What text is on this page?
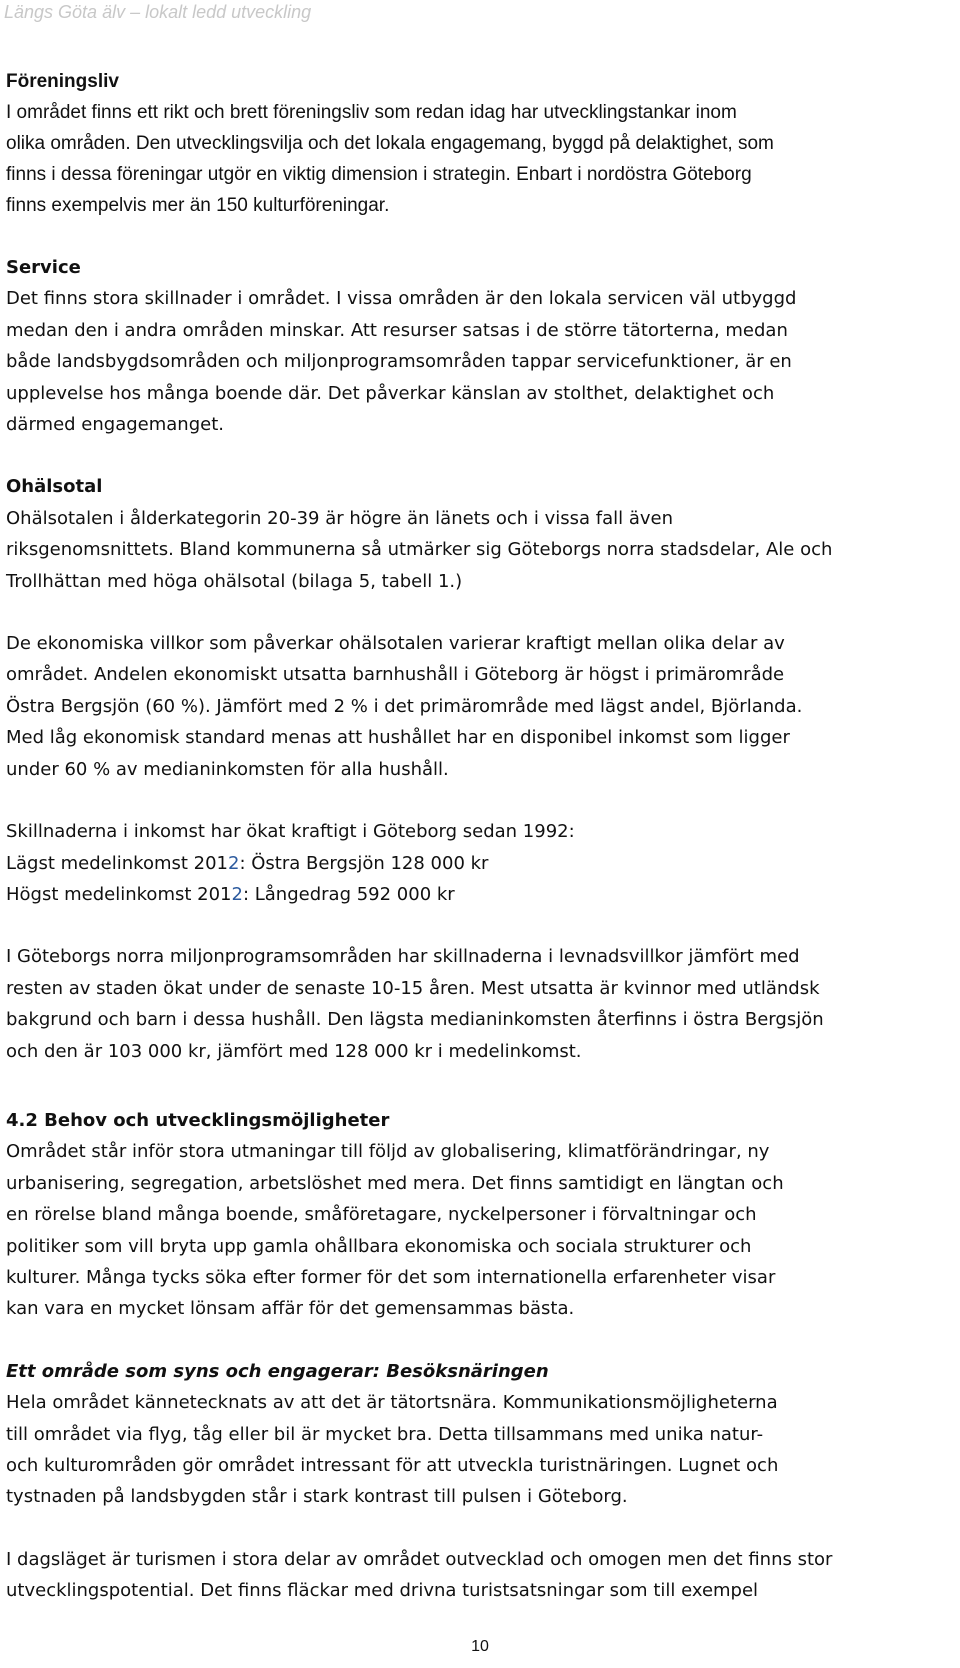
Längs Göta älv – lokalt ledd utveckling
Föreningsliv
I området finns ett rikt och brett föreningsliv som redan idag har utvecklingstankar inom
olika områden. Den utvecklingsvilja och det lokala engagemang, byggd på delaktighet, som
finns i dessa föreningar utgör en viktig dimension i strategin. Enbart i nordöstra Göteborg
finns exempelvis mer än 150 kulturföreningar.
Service
Det finns stora skillnader i området. I vissa områden är den lokala servicen väl utbyggd
medan den i andra områden minskar. Att resurser satsas i de större tätorterna, medan
både landsbygdsområden och miljonprogramsområden tappar servicefunktioner, är en
upplevelse hos många boende där. Det påverkar känslan av stolthet, delaktighet och
därmed engagemanget.
Ohälsotal
Ohälsotalen i ålderkategorin 20-39 är högre än länets och i vissa fall även
riksgenomsnittets. Bland kommunerna så utmärker sig Göteborgs norra stadsdelar, Ale och
Trollhättan med höga ohälsotal (bilaga 5, tabell 1.)
De ekonomiska villkor som påverkar ohälsotalen varierar kraftigt mellan olika delar av
området. Andelen ekonomiskt utsatta barnhushåll i Göteborg är högst i primärområde
Östra Bergsjön (60 %). Jämfört med 2 % i det primärområde med lägst andel, Björlanda.
Med låg ekonomisk standard menas att hushållet har en disponibel inkomst som ligger
under 60 % av medianinkomsten för alla hushåll.
Skillnaderna i inkomst har ökat kraftigt i Göteborg sedan 1992:
Lägst medelinkomst 2012: Östra Bergsjön 128 000 kr
Högst medelinkomst 2012: Långedrag 592 000 kr
I Göteborgs norra miljonprogramsområden har skillnaderna i levnadsvillkor jämfört med
resten av staden ökat under de senaste 10-15 åren. Mest utsatta är kvinnor med utländsk
bakgrund och barn i dessa hushåll. Den lägsta medianinkomsten återfinns i östra Bergsjön
och den är 103 000 kr, jämfört med 128 000 kr i medelinkomst.
4.2 Behov och utvecklingsmöjligheter
Området står inför stora utmaningar till följd av globalisering, klimatförändringar, ny
urbanisering, segregation, arbetslöshet med mera. Det finns samtidigt en längtan och
en rörelse bland många boende, småföretagare, nyckelpersoner i förvaltningar och
politiker som vill bryta upp gamla ohållbara ekonomiska och sociala strukturer och
kulturer. Många tycks söka efter former för det som internationella erfarenheter visar
kan vara en mycket lönsam affär för det gemensammas bästa.
Ett område som syns och engagerar: Besöksnäringen
Hela området kännetecknats av att det är tätortsnära. Kommunikationsmöjligheterna
till området via flyg, tåg eller bil är mycket bra. Detta tillsammans med unika natur-
och kulturområden gör området intressant för att utveckla turistnäringen. Lugnet och
tystnaden på landsbygden står i stark kontrast till pulsen i Göteborg.
I dagsläget är turismen i stora delar av området outvecklad och omogen men det finns stor
utvecklingspotential. Det finns fläckar med drivna turistsatsningar som till exempel
10
